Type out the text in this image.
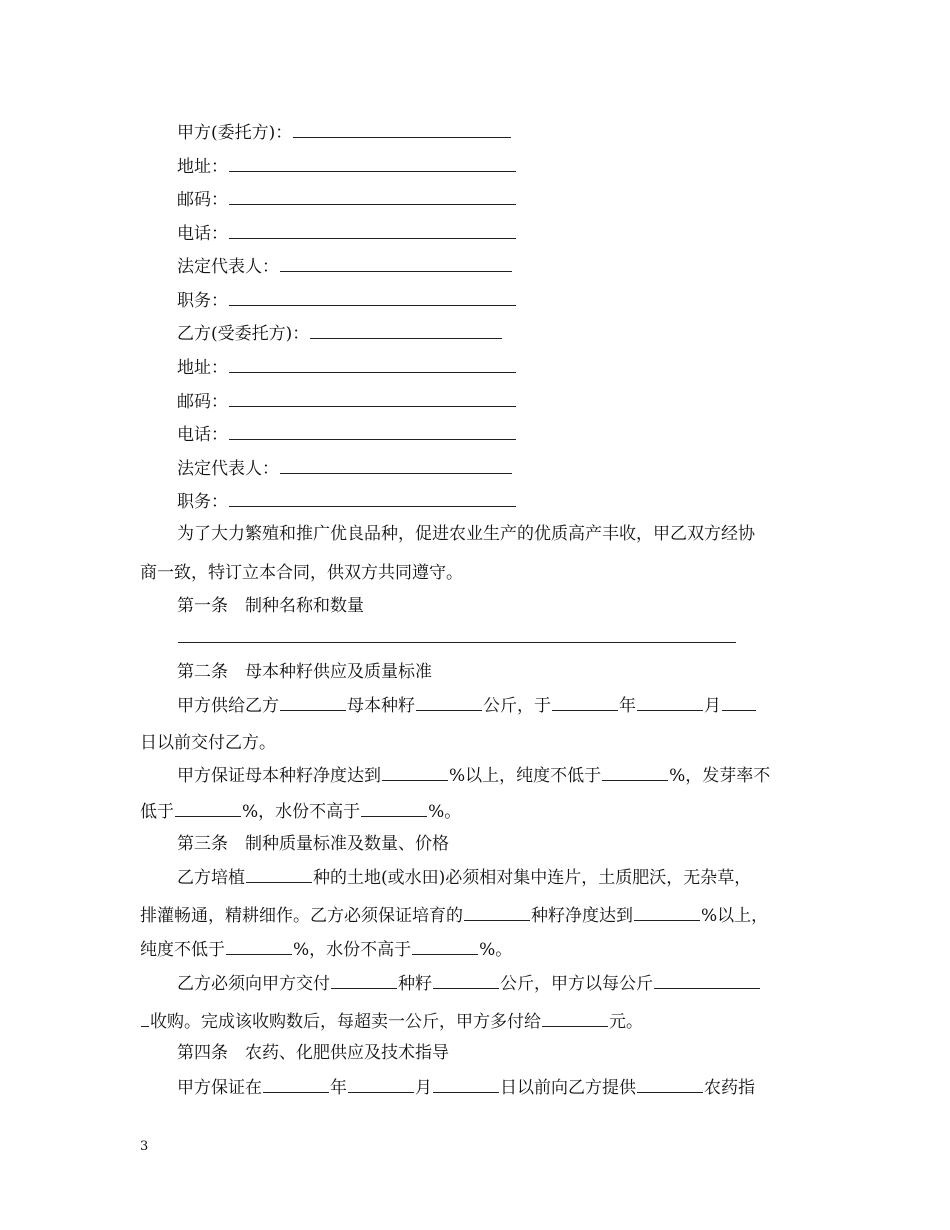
甲方(委托方)：
地址：
邮码：
电话：
法定代表人：
职务：
乙方(受委托方)：
地址：
邮码：
电话：
法定代表人：
职务：
为了大力繁殖和推广优良品种，促进农业生产的优质高产丰收，甲乙双方经协
商一致，特订立本合同，供双方共同遵守。
第一条　制种名称和数量
第二条　母本种籽供应及质量标准
甲方供给乙方	母本种籽	公斤，于	年	月
日以前交付乙方。
甲方保证母本种籽净度达到	%以上，纯度不低于	%，发芽率不
低于	%，水份不高于	%。
第三条　制种质量标准及数量、价格
乙方培植	种的土地(或水田)必须相对集中连片，土质肥沃，无杂草，
排灌畅通，精耕细作。乙方必须保证培育的	种籽净度达到	%以上，
纯度不低于	%，水份不高于	%。
乙方必须向甲方交付	种籽	公斤，甲方以每公斤
收购。完成该收购数后，每超卖一公斤，甲方多付给	元。
第四条　农药、化肥供应及技术指导
甲方保证在	年	月	日以前向乙方提供	农药指
3
